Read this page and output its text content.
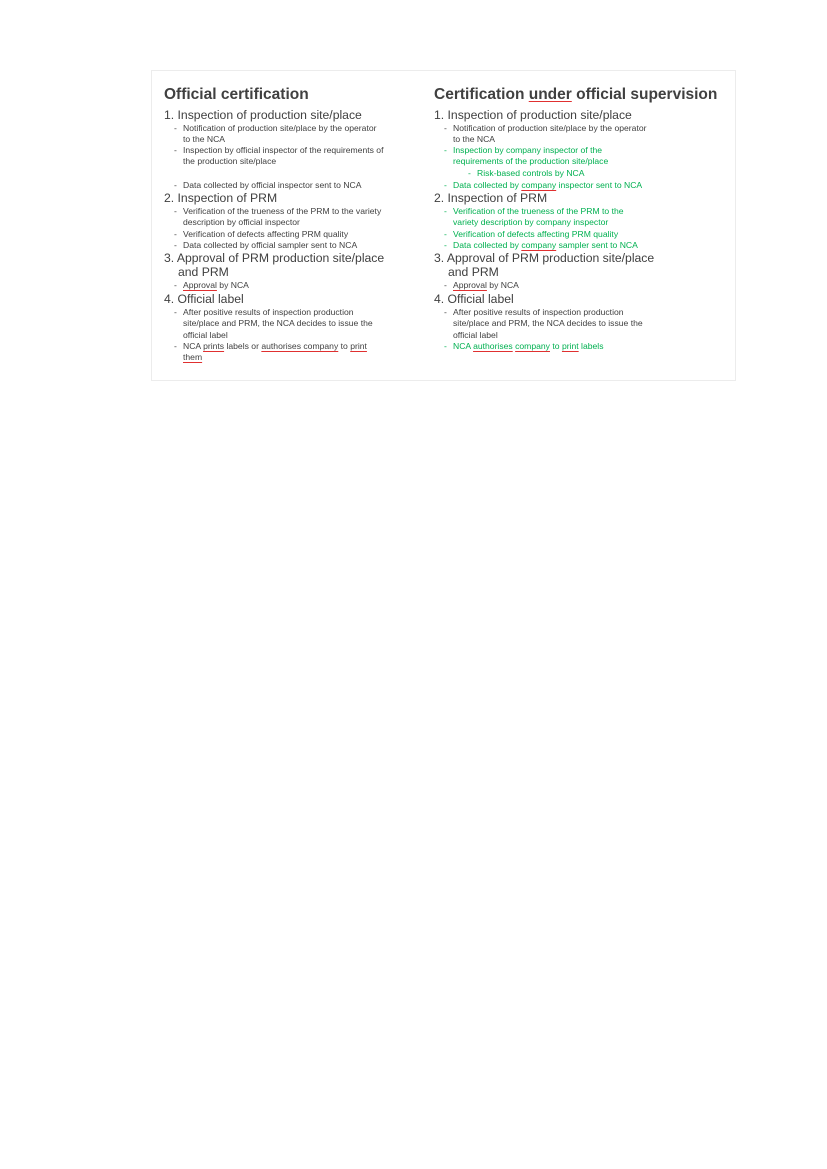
Official certification
1. Inspection of production site/place
- Notification of production site/place by the operator
to the NCA
- Inspection by official inspector of the requirements of
the production site/place
- Data collected by official inspector sent to NCA
2. Inspection of PRM
- Verification of the trueness of the PRM to the variety
description by official inspector
- Verification of defects affecting PRM quality
- Data collected by official sampler sent to NCA
3. Approval of PRM production site/place
and PRM
- Approval by NCA
4. Official label
- After positive results of inspection production
site/place and PRM, the NCA decides to issue the
official label
- NCA prints labels or authorises company to print
them
Certification under official supervision
1. Inspection of production site/place
- Notification of production site/place by the operator
to the NCA
- Inspection by company inspector of the
requirements of the production site/place
- Risk-based controls by NCA
- Data collected by company inspector sent to NCA
2. Inspection of PRM
- Verification of the trueness of the PRM to the
variety description by company inspector
- Verification of defects affecting PRM quality
- Data collected by company sampler sent to NCA
3. Approval of PRM production site/place
and PRM
- Approval by NCA
4. Official label
- After positive results of inspection production
site/place and PRM, the NCA decides to issue the
official label
- NCA authorises company to print labels
